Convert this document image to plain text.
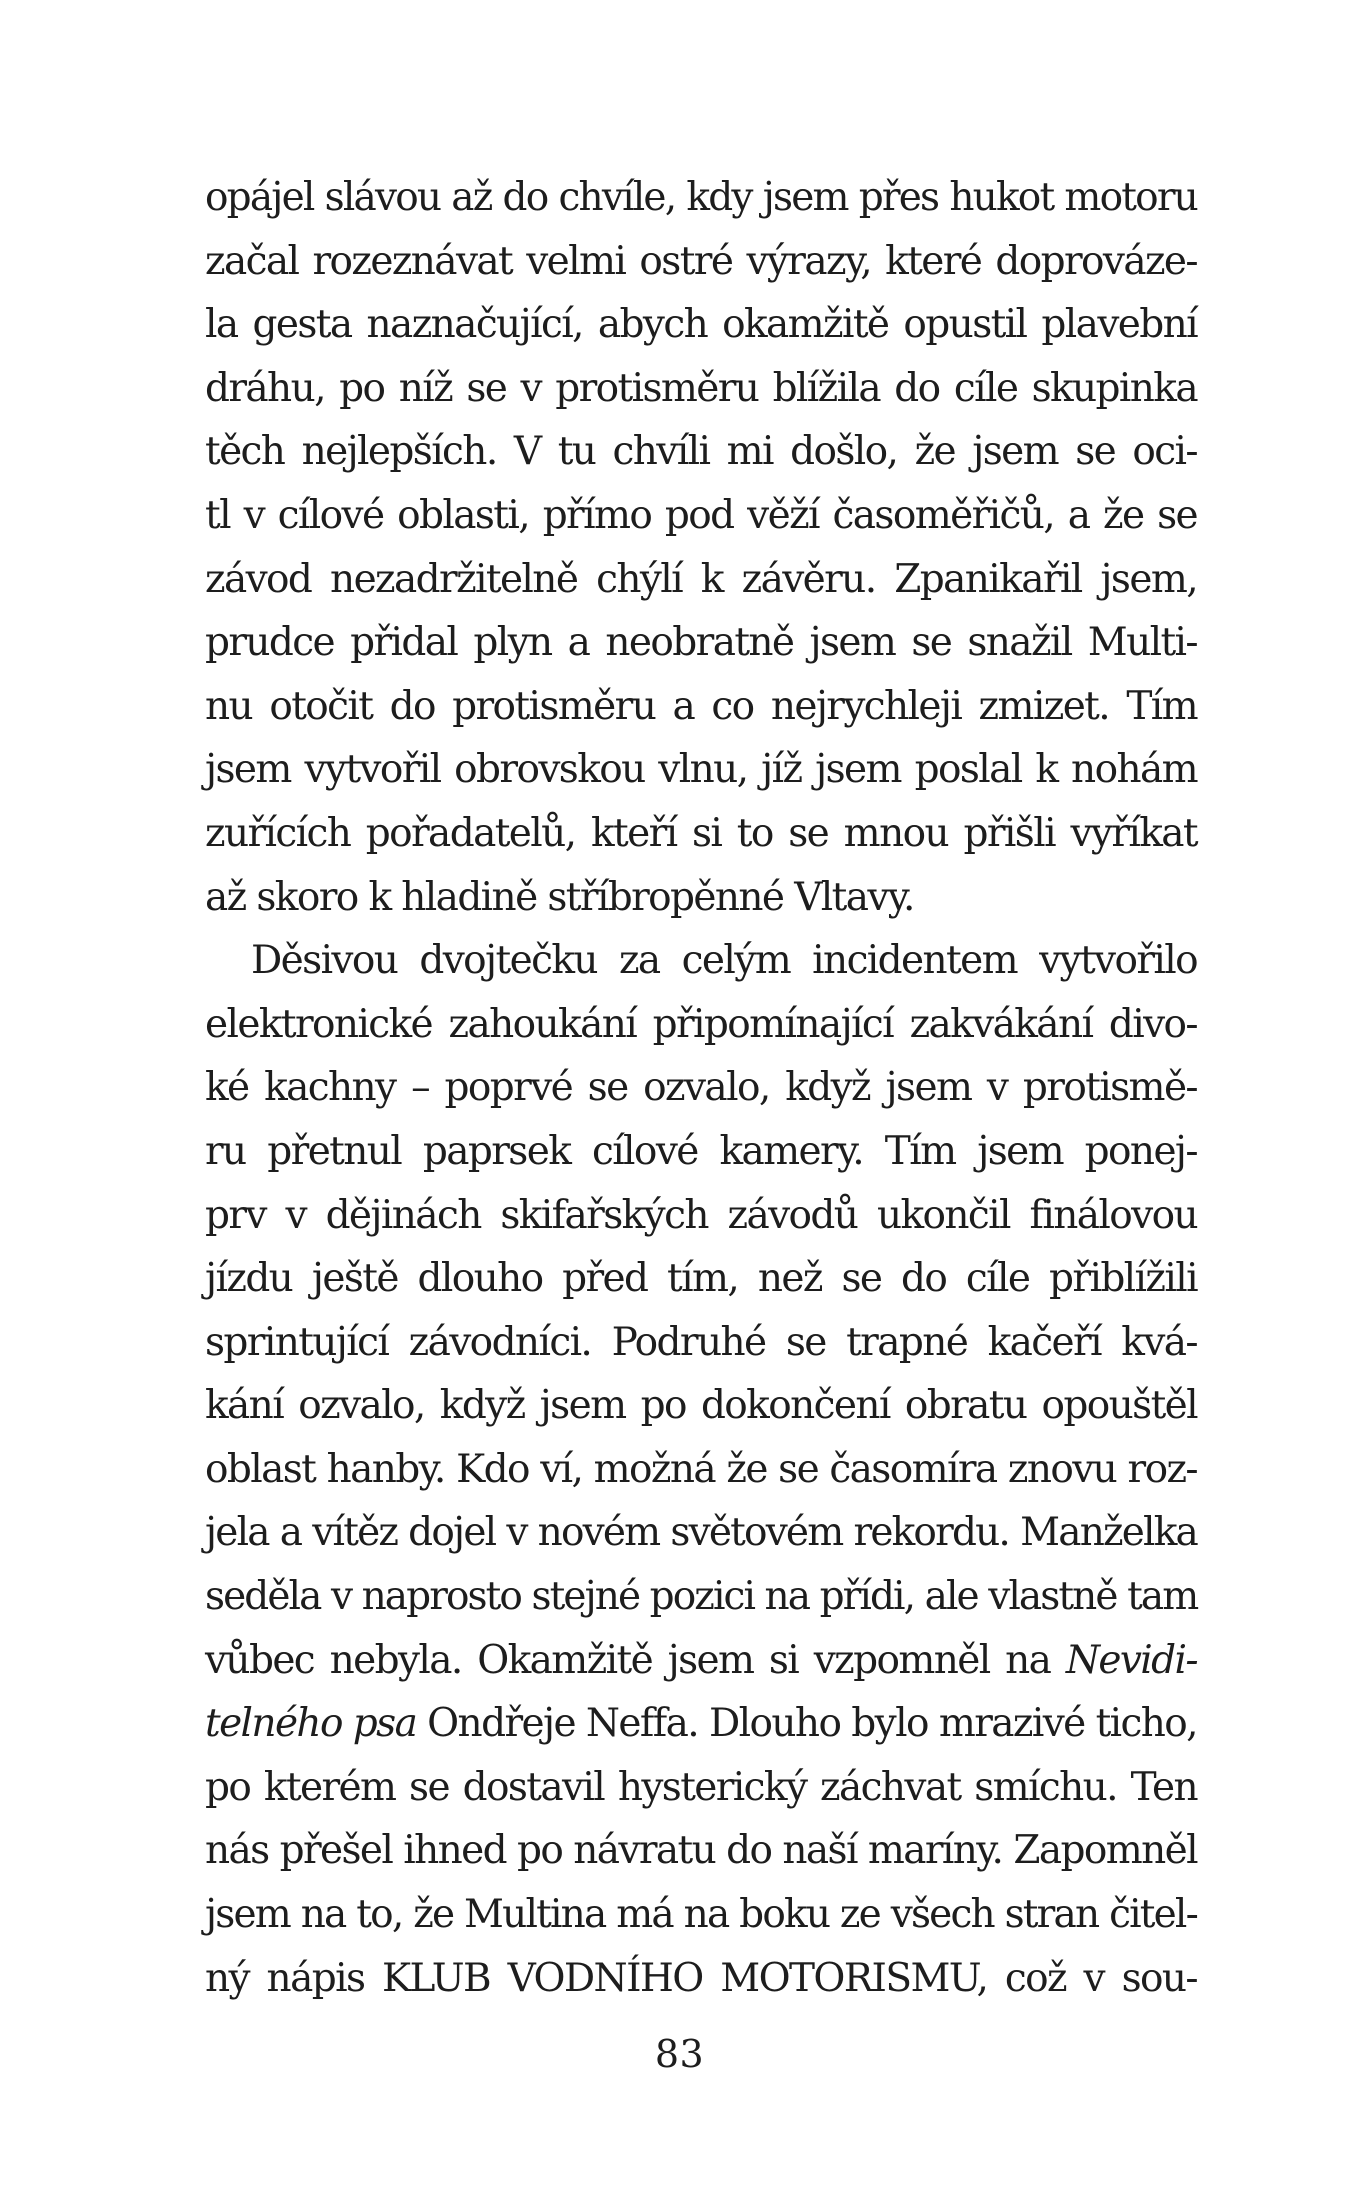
opájel slávou až do chvíle, kdy jsem přes hukot motoru
začal rozeznávat velmi ostré výrazy, které doprováze-
la gesta naznačující, abych okamžitě opustil plavební
dráhu, po níž se v protisměru blížila do cíle skupinka
těch nejlepších. V tu chvíli mi došlo, že jsem se oci-
tl v cílové oblasti, přímo pod věží časoměřičů, a že se
závod nezadržitelně chýlí k závěru. Zpanikařil jsem,
prudce přidal plyn a neobratně jsem se snažil Multi-
nu otočit do protisměru a co nejrychleji zmizet. Tím
jsem vytvořil obrovskou vlnu, jíž jsem poslal k nohám
zuřících pořadatelů, kteří si to se mnou přišli vyříkat
až skoro k hladině stříbropěnné Vltavy.
Děsivou dvojtečku za celým incidentem vytvořilo
elektronické zahoukání připomínající zakvákání divo-
ké kachny – poprvé se ozvalo, když jsem v protismě-
ru přetnul paprsek cílové kamery. Tím jsem ponej-
prv v dějinách skifařských závodů ukončil finálovou
jízdu ještě dlouho před tím, než se do cíle přiblížili
sprintující závodníci. Podruhé se trapné kačeří kvá-
kání ozvalo, když jsem po dokončení obratu opouštěl
oblast hanby. Kdo ví, možná že se časomíra znovu roz-
jela a vítěz dojel v novém světovém rekordu. Manželka
seděla v naprosto stejné pozici na přídi, ale vlastně tam
vůbec nebyla. Okamžitě jsem si vzpomněl na Nevidi-
telného psa Ondřeje Neffa. Dlouho bylo mrazivé ticho,
po kterém se dostavil hysterický záchvat smíchu. Ten
nás přešel ihned po návratu do naší maríny. Zapomněl
jsem na to, že Multina má na boku ze všech stran čitel-
ný nápis KLUB VODNÍHO MOTORISMU, což v sou-
83
